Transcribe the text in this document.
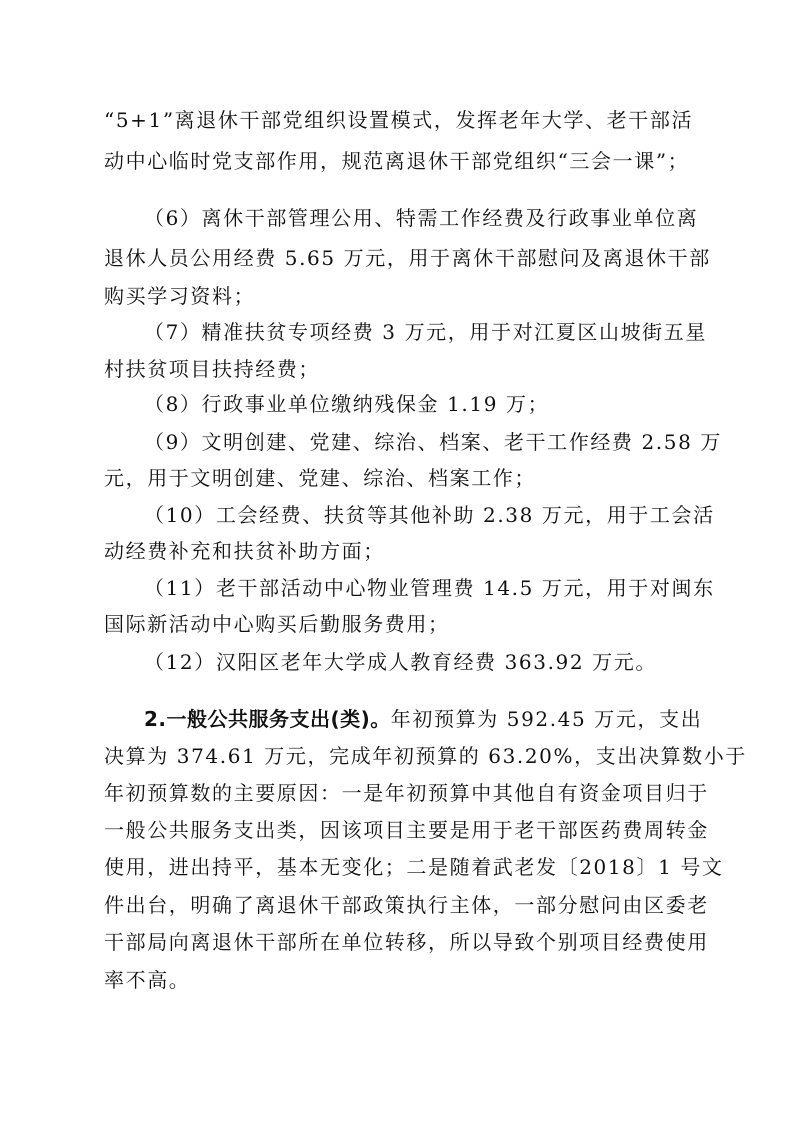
“5+1”离退休干部党组织设置模式，发挥老年大学、老干部活
动中心临时党支部作用，规范离退休干部党组织“三会一课”；
（6）离休干部管理公用、特需工作经费及行政事业单位离
退休人员公用经费 5.65 万元，用于离休干部慰问及离退休干部
购买学习资料；
（7）精准扶贫专项经费 3 万元，用于对江夏区山坡街五星
村扶贫项目扶持经费；
（8）行政事业单位缴纳残保金 1.19 万；
（9）文明创建、党建、综治、档案、老干工作经费 2.58 万
元，用于文明创建、党建、综治、档案工作；
（10）工会经费、扶贫等其他补助 2.38 万元，用于工会活
动经费补充和扶贫补助方面；
（11）老干部活动中心物业管理费 14.5 万元，用于对闽东
国际新活动中心购买后勤服务费用；
（12）汉阳区老年大学成人教育经费 363.92 万元。
2.一般公共服务支出(类)。年初预算为 592.45 万元，支出
决算为 374.61 万元，完成年初预算的 63.20%，支出决算数小于
年初预算数的主要原因：一是年初预算中其他自有资金项目归于
一般公共服务支出类，因该项目主要是用于老干部医药费周转金
使用，进出持平，基本无变化；二是随着武老发〔2018〕1 号文
件出台，明确了离退休干部政策执行主体，一部分慰问由区委老
干部局向离退休干部所在单位转移，所以导致个别项目经费使用
率不高。
